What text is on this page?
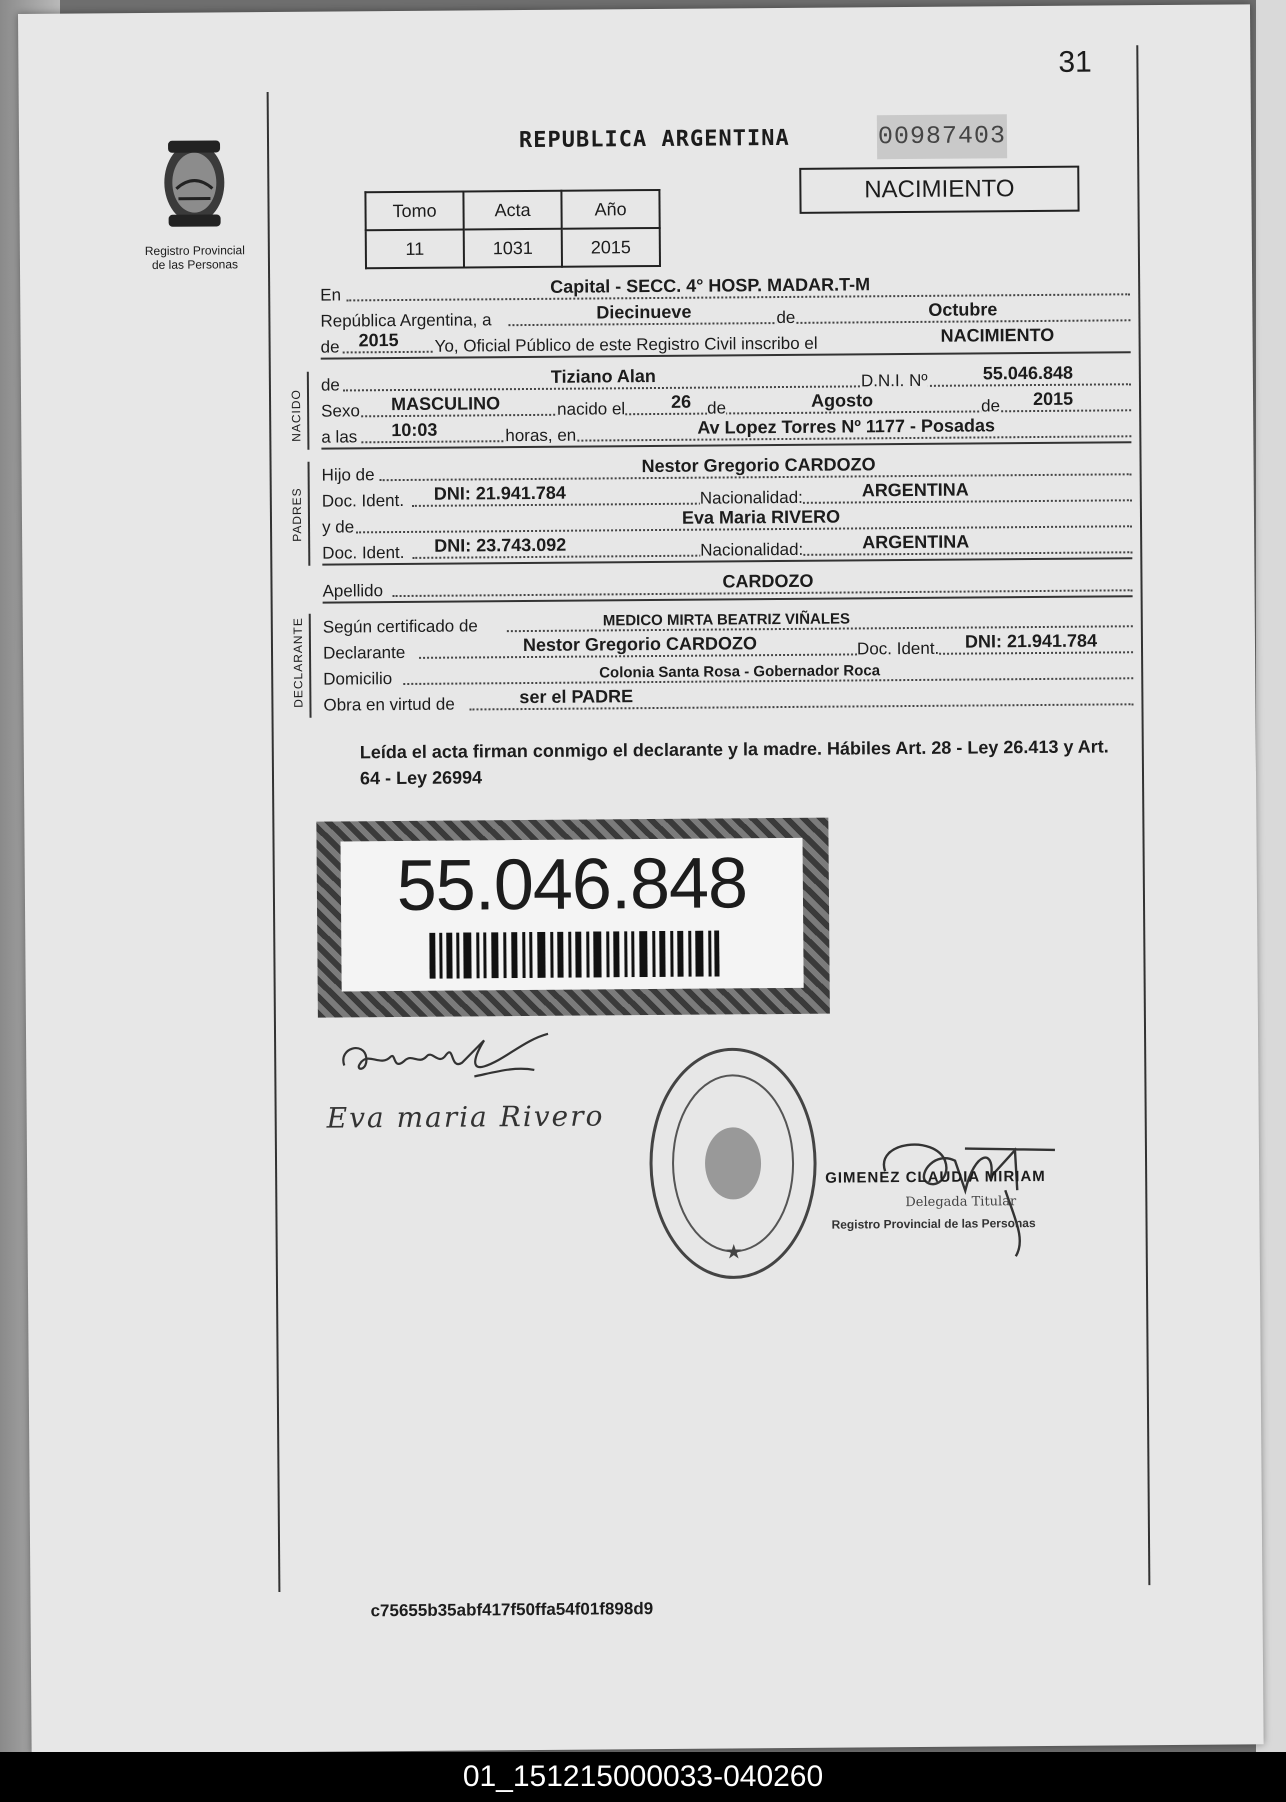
31
Registro Provincial
de las Personas
REPUBLICA ARGENTINA	00987403
NACIMIENTO
Tomo	Acta	Año
11	1031	2015
En	Capital - SECC. 4° HOSP. MADAR.T-M
República Argentina, a	Diecinueve	de	Octubre
de 2015 Yo, Oficial Público de este Registro Civil inscribo el	NACIMIENTO
NACIDO
de	Tiziano Alan	D.N.I. Nº	55.046.848
Sexo MASCULINO	nacido el	26 de	Agosto	de 2015
a las 10:03	horas, en	Av Lopez Torres Nº 1177 - Posadas
PADRES
Hijo de	Nestor Gregorio CARDOZO
Doc. Ident. DNI: 21.941.784	Nacionalidad:	ARGENTINA
y de	Eva Maria RIVERO
Doc. Ident. DNI: 23.743.092	Nacionalidad:	ARGENTINA
Apellido	CARDOZO
DECLARANTE Según certificado de	MEDICO MIRTA BEATRIZ VIÑALES
Declarante	Nestor Gregorio CARDOZO	Doc. Ident. DNI: 21.941.784
Domicilio	Colonia Santa Rosa - Gobernador Roca
Obra en virtud de	ser el PADRE
Leída el acta firman conmigo el declarante y la madre. Hábiles Art. 28 - Ley 26.413 y Art. 64 - Ley 26994
55.046.848
Eva maria Rivero
★
GIMENEZ CLAUDIA MIRIAM
Delegada Titular
Registro Provincial de las Personas
c75655b35abf417f50ffa54f01f898d9
01_151215000033-040260
